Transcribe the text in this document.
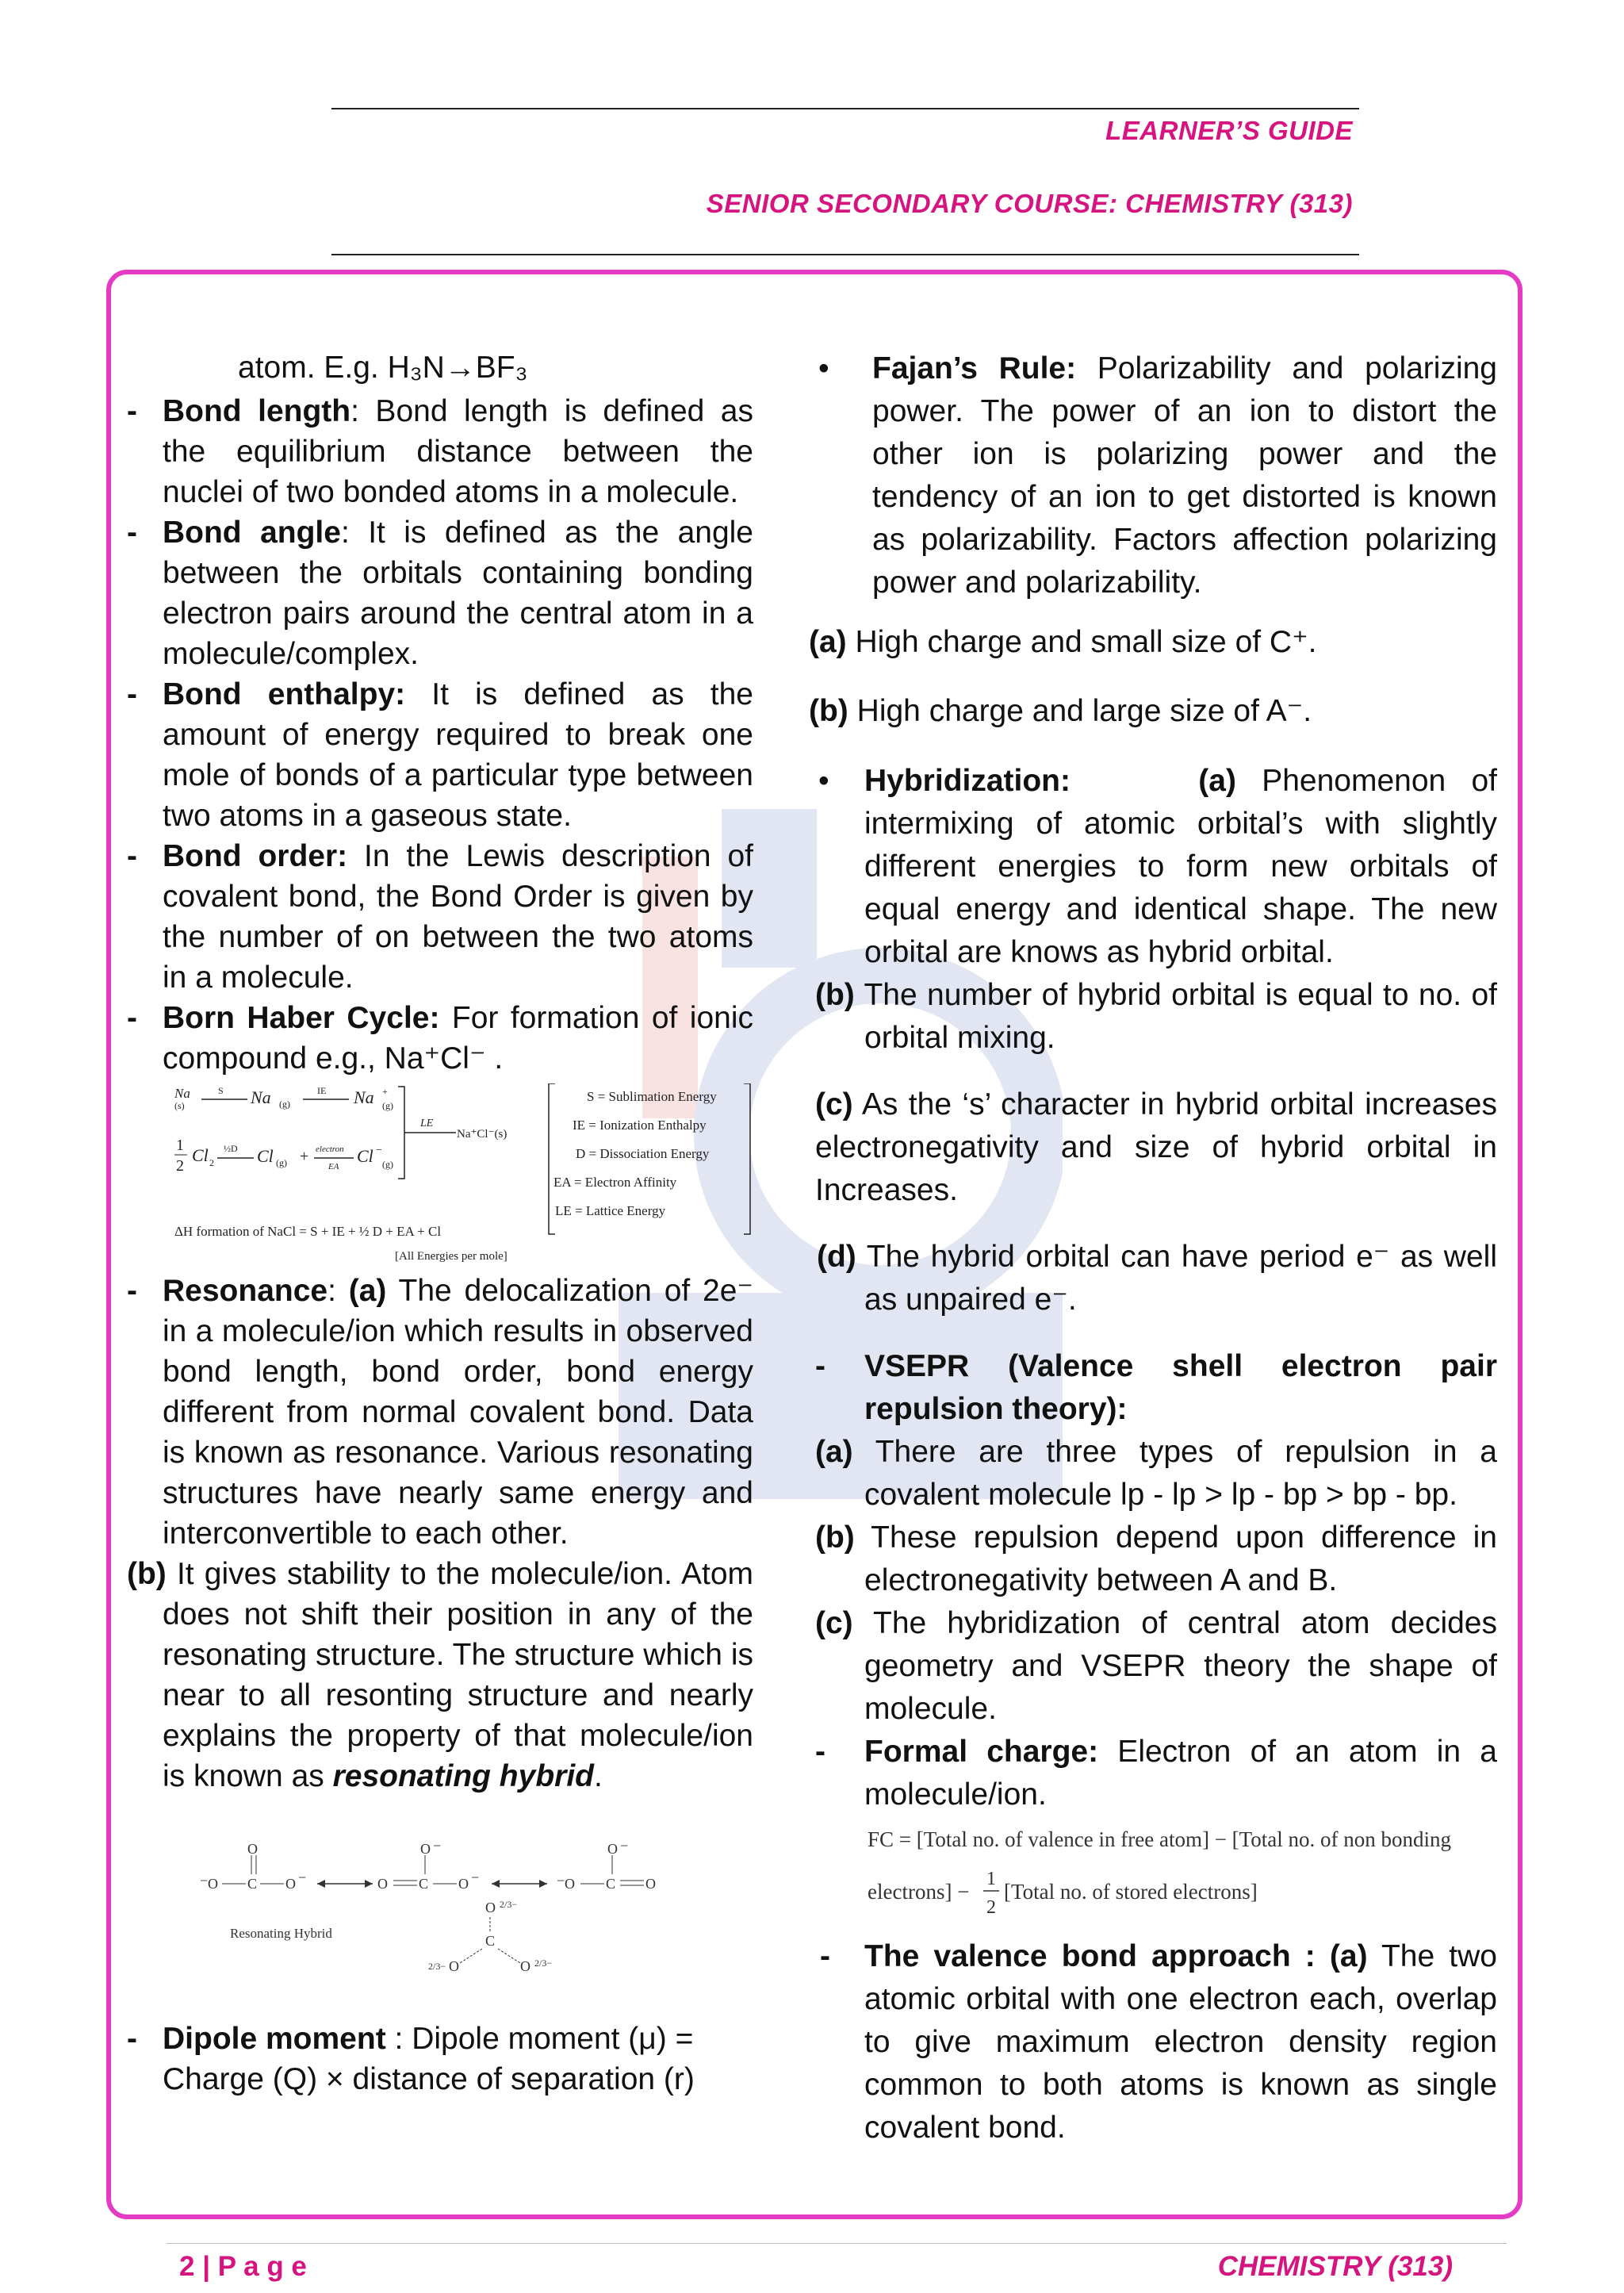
LEARNER’S GUIDE
SENIOR SECONDARY COURSE: CHEMISTRY (313)
atom. E.g. H₃N→BF₃
- Bond length: Bond length is defined as the equilibrium distance between the nuclei of two bonded atoms in a molecule.
- Bond angle: It is defined as the angle between the orbitals containing bonding electron pairs around the central atom in a molecule/complex.
- Bond enthalpy: It is defined as the amount of energy required to break one mole of bonds of a particular type between two atoms in a gaseous state.
- Bond order: In the Lewis description of covalent bond, the Bond Order is given by the number of on between the two atoms in a molecule.
- Born Haber Cycle: For formation of ionic compound e.g., Na⁺Cl⁻ .
Na
(s)
S Na (g)
IE Na +
(g)
1
2
Cl 2
½D Cl (g) + electron
EA
Cl −
(g)
LE
Na⁺Cl⁻(s)
ΔH formation of NaCl = S + IE + ½ D + EA + Cl
[All Energies per mole]
S = Sublimation Energy
IE = Ionization Enthalpy
D = Dissociation Energy
EA = Electron Affinity
LE = Lattice Energy
- Resonance: (a) The delocalization of 2e⁻ in a molecule/ion which results in observed bond length, bond order, bond energy different from normal covalent bond. Data is known as resonance. Various resonating structures have nearly same energy and interconvertible to each other.
(b) It gives stability to the molecule/ion. Atom does not shift their position in any of the resonating structure. The structure which is near to all resonting structure and nearly explains the property of that molecule/ion is known as resonating hybrid.
− O C
O
O −	O C
O −
O −	− O C
O −
O
Resonating Hybrid
O 2/3−
C
2/3− O	O 2/3−
- Dipole moment : Dipole moment (μ) = Charge (Q) × distance of separation (r)
• Fajan’s Rule: Polarizability and polarizing power. The power of an ion to distort the other ion is polarizing power and the tendency of an ion to get distorted is known as polarizability. Factors affection polarizing power and polarizability.
(a) High charge and small size of C⁺.
(b) High charge and large size of A⁻.
• Hybridization:	(a) Phenomenon of intermixing of atomic orbital’s with slightly different energies to form new orbitals of equal energy and identical shape. The new orbital are knows as hybrid orbital.
(b) The number of hybrid orbital is equal to no. of orbital mixing.
(c) As the ‘s’ character in hybrid orbital increases electronegativity and size of hybrid orbital in Increases.
(d) The hybrid orbital can have period e⁻ as well as unpaired e⁻.
- VSEPR (Valence shell electron pair repulsion theory):
(a) There are three types of repulsion in a covalent molecule lp - lp > lp - bp > bp - bp.
(b) These repulsion depend upon difference in electronegativity between A and B.
(c) The hybridization of central atom decides geometry and VSEPR theory the shape of molecule.
- Formal charge: Electron of an atom in a molecule/ion.
FC = [Total no. of valence in free atom] − [Total no. of non bonding
electrons] −
1
2
[Total no. of stored electrons]
- The valence bond approach : (a) The two atomic orbital with one electron each, overlap to give maximum electron density region common to both atoms is known as single covalent bond.
2 | P a g e	CHEMISTRY (313)
